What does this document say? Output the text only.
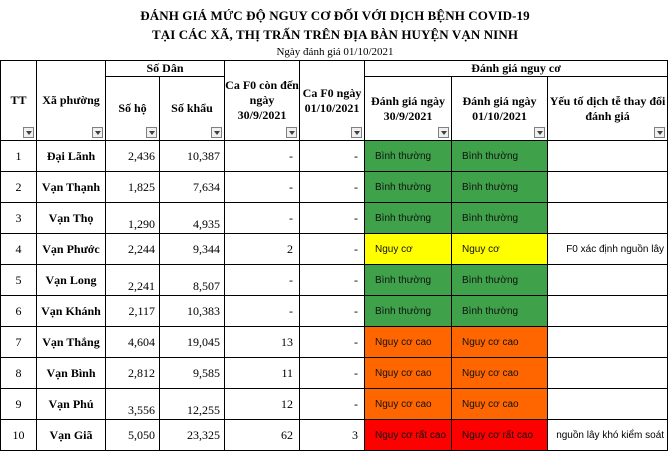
ĐÁNH GIÁ MỨC ĐỘ NGUY CƠ ĐỐI VỚI DỊCH BỆNH COVID-19
TẠI CÁC XÃ, THỊ TRẤN TRÊN ĐỊA BÀN HUYỆN VẠN NINH
Ngày đánh giá 01/10/2021
TT	Xã phường	Số Dân		Ca F0 còn đến ngày 30/9/2021	Ca F0 ngày 01/10/2021	Đánh giá nguy cơ		
		Số hộ	Số khẩu			Đánh giá ngày 30/9/2021	Đánh giá ngày 01/10/2021	Yếu tố dịch tễ thay đổi đánh giá

1	Đại Lãnh	2,436	10,387	-	-	Bình thường	Bình thường	
2	Vạn Thạnh	1,825	7,634	-	-	Bình thường	Bình thường	
3	Vạn Thọ	1,290	4,935	-	-	Bình thường	Bình thường	
4	Vạn Phước	2,244	9,344	2	-	Nguy cơ	Nguy cơ	F0 xác định nguồn lây
5	Vạn Long	2,241	8,507	-	-	Bình thường	Bình thường	
6	Vạn Khánh	2,117	10,383	-	-	Bình thường	Bình thường	
7	Vạn Thắng	4,604	19,045	13	-	Nguy cơ cao	Nguy cơ cao	
8	Vạn Bình	2,812	9,585	11	-	Nguy cơ cao	Nguy cơ cao	
9	Vạn Phú	3,556	12,255	12	-	Nguy cơ cao	Nguy cơ cao	
10	Vạn Giã	5,050	23,325	62	3	Nguy cơ rất cao	Nguy cơ rất cao	nguồn lây khó kiểm soát
